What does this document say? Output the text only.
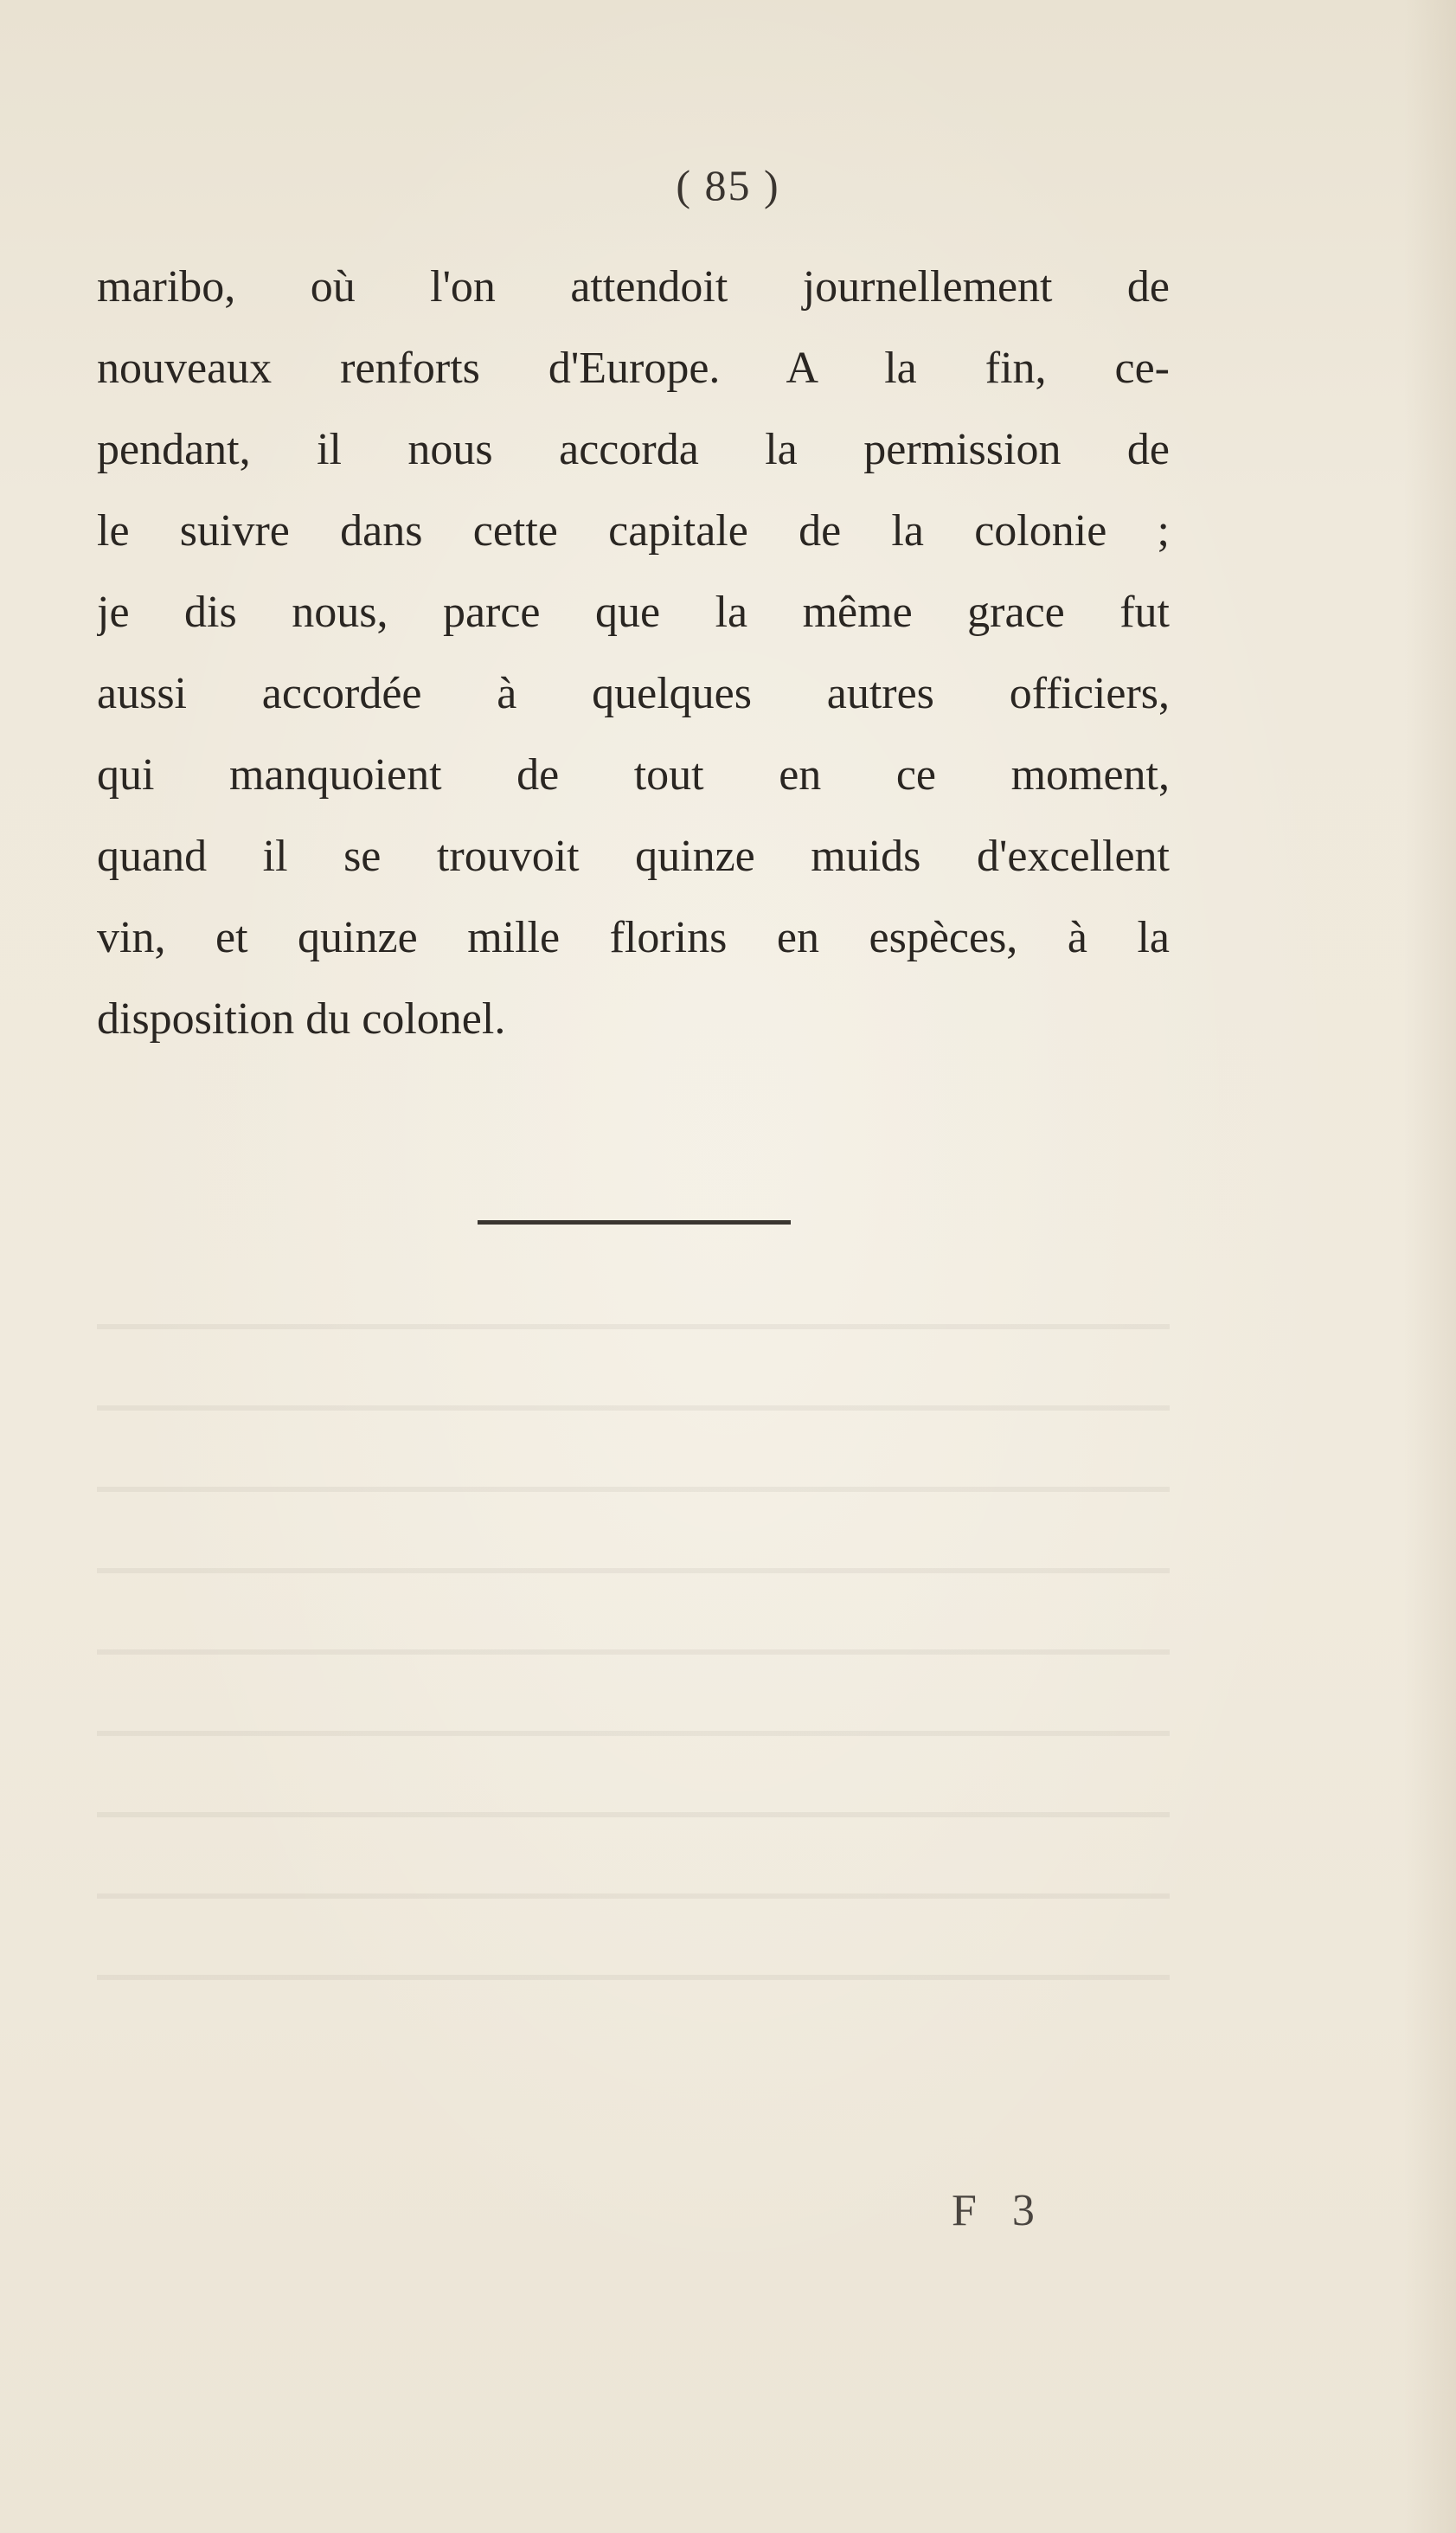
( 85 )
maribo, où l'on attendoit journellement de
nouveaux renforts d'Europe. A la fin, ce-
pendant, il nous accorda la permission de
le suivre dans cette capitale de la colonie ;
je dis nous, parce que la même grace fut
aussi accordée à quelques autres officiers,
qui manquoient de tout en ce moment,
quand il se trouvoit quinze muids d'excellent
vin, et quinze mille florins en espèces, à la
disposition du colonel.
F 3
